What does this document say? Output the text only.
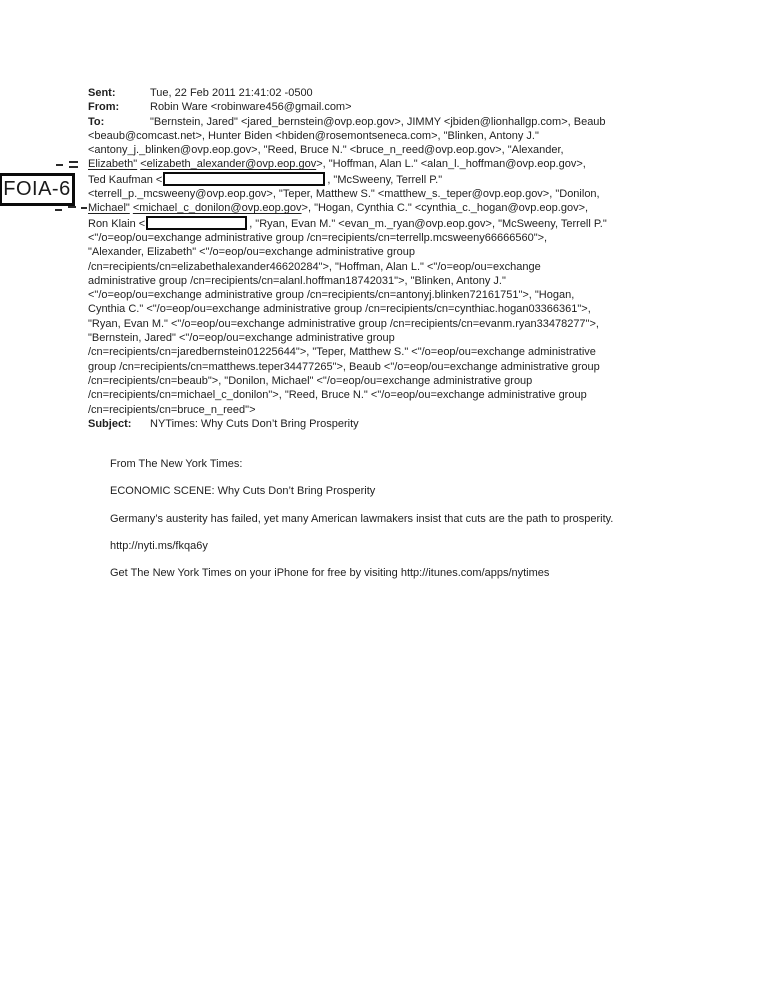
FOIA-6
Sent:	Tue, 22 Feb 2011 21:41:02 -0500
From:	Robin Ware <robinware456@gmail.com>
To:	"Bernstein, Jared" <jared_bernstein@ovp.eop.gov>, JIMMY <jbiden@lionhallgp.com>, Beaub
<beaub@comcast.net>, Hunter Biden <hbiden@rosemontseneca.com>, "Blinken, Antony J."
<antony_j._blinken@ovp.eop.gov>, "Reed, Bruce N." <bruce_n_reed@ovp.eop.gov>, "Alexander,
Elizabeth" <elizabeth_alexander@ovp.eop.gov>, "Hoffman, Alan L." <alan_l._hoffman@ovp.eop.gov>,
Ted Kaufman <	, "McSweeny, Terrell P."
<terrell_p._mcsweeny@ovp.eop.gov>, "Teper, Matthew S." <matthew_s._teper@ovp.eop.gov>, "Donilon,
Michael" <michael_c_donilon@ovp.eop.gov>, "Hogan, Cynthia C." <cynthia_c._hogan@ovp.eop.gov>,
Ron Klain <	, "Ryan, Evan M." <evan_m._ryan@ovp.eop.gov>, "McSweeny, Terrell P."
<"/o=eop/ou=exchange administrative group /cn=recipients/cn=terrellp.mcsweeny66666560">,
"Alexander, Elizabeth" <"/o=eop/ou=exchange administrative group
/cn=recipients/cn=elizabethalexander46620284">, "Hoffman, Alan L." <"/o=eop/ou=exchange
administrative group /cn=recipients/cn=alanl.hoffman18742031">, "Blinken, Antony J."
<"/o=eop/ou=exchange administrative group /cn=recipients/cn=antonyj.blinken72161751">, "Hogan,
Cynthia C." <"/o=eop/ou=exchange administrative group /cn=recipients/cn=cynthiac.hogan03366361">,
"Ryan, Evan M." <"/o=eop/ou=exchange administrative group /cn=recipients/cn=evanm.ryan33478277">,
"Bernstein, Jared" <"/o=eop/ou=exchange administrative group
/cn=recipients/cn=jaredbernstein01225644">, "Teper, Matthew S." <"/o=eop/ou=exchange administrative
group /cn=recipients/cn=matthews.teper34477265">, Beaub <"/o=eop/ou=exchange administrative group
/cn=recipients/cn=beaub">, "Donilon, Michael" <"/o=eop/ou=exchange administrative group
/cn=recipients/cn=michael_c_donilon">, "Reed, Bruce N." <"/o=eop/ou=exchange administrative group
/cn=recipients/cn=bruce_n_reed">
Subject: NYTimes: Why Cuts Don’t Bring Prosperity

From The New York Times:

ECONOMIC SCENE: Why Cuts Don’t Bring Prosperity

Germany’s austerity has failed, yet many American lawmakers insist that cuts are the path to prosperity.

http://nyti.ms/fkqa6y

Get The New York Times on your iPhone for free by visiting http://itunes.com/apps/nytimes
